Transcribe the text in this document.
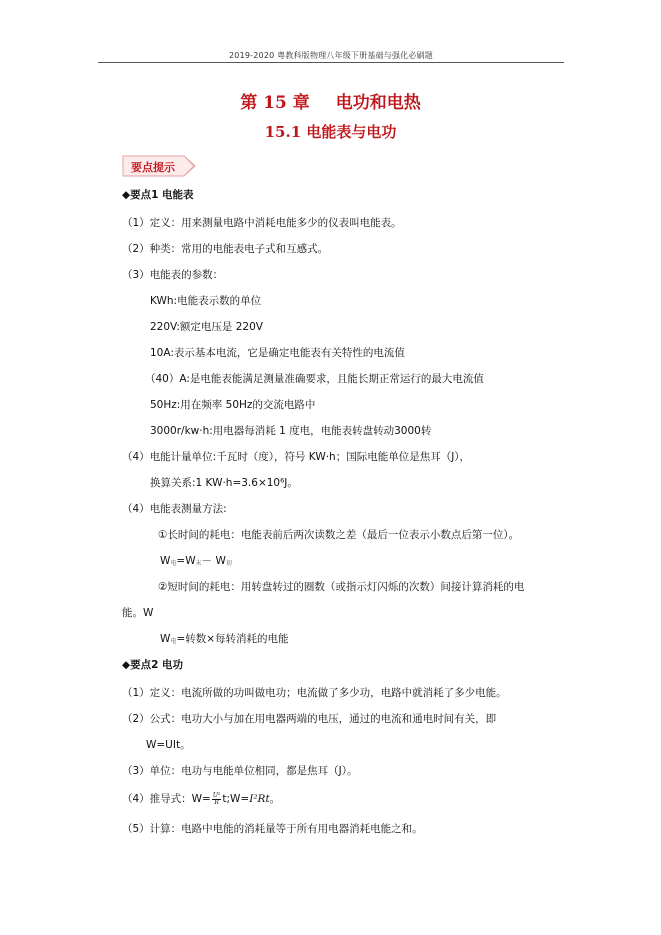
2019-2020 粤教科版物理八年级下册基础与强化必刷题
第 15 章 电功和电热
15.1 电能表与电功
要点提示
◆要点1 电能表
（1）定义：用来测量电路中消耗电能多少的仪表叫电能表。
（2）种类：常用的电能表电子式和互感式。
（3）电能表的参数：
KWh:电能表示数的单位
220V:额定电压是 220V
10A:表示基本电流，它是确定电能表有关特性的电流值
（40）A:是电能表能满足测量准确要求，且能长期正常运行的最大电流值
50Hz:用在频率 50Hz的交流电路中
3000r/kw·h:用电器每消耗 1 度电，电能表转盘转动3000转
（4）电能计量单位:千瓦时（度），符号 KW·h；国际电能单位是焦耳（J），
换算关系:1 KW·h=3.6×10⁶J。
（4）电能表测量方法:
①长时间的耗电：电能表前后两次读数之差（最后一位表示小数点后第一位）。
W电=W末－ W初
②短时间的耗电：用转盘转过的圈数（或指示灯闪烁的次数）间接计算消耗的电
能。W
W电=转数×每转消耗的电能
◆要点2 电功
（1）定义：电流所做的功叫做电功；电流做了多少功，电路中就消耗了多少电能。
（2）公式：电功大小与加在用电器两端的电压，通过的电流和通电时间有关，即
W=UIt。
（3）单位：电功与电能单位相同，都是焦耳（J）。
（4）推导式：$W= \frac{\text{U²}}{R}$ t;W=I²Rt。
（5）计算：电路中电能的消耗量等于所有用电器消耗电能之和。
